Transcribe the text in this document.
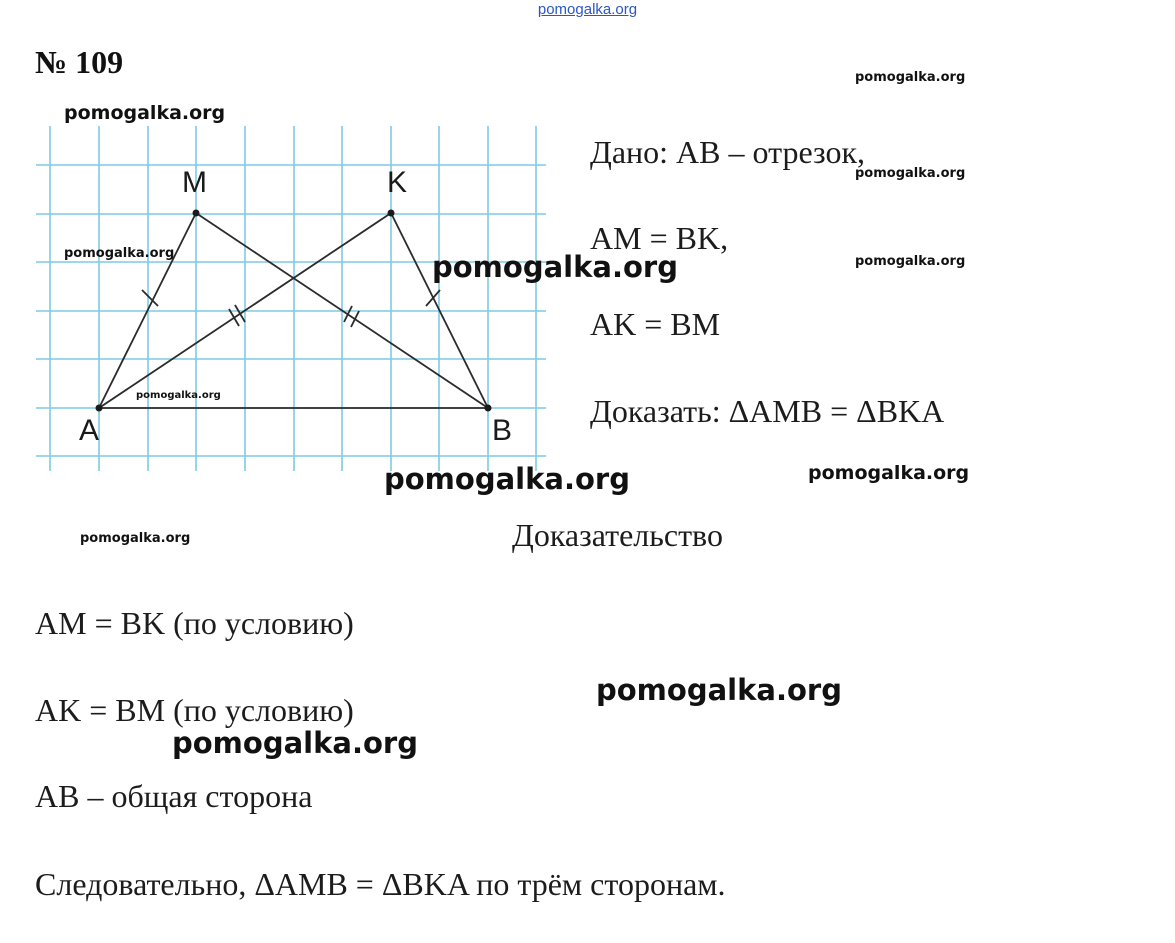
pomogalka.org
№ 109
M	K
A	B
Дано: AB – отрезок,
AM = BK,
AK = BM
Доказать: ΔAMB = ΔBKA
Доказательство
AM = BK (по условию)
AK = BM (по условию)
AB – общая сторона
Следовательно, ΔAMB = ΔBKA по трём сторонам.
pomogalka.org
pomogalka.org
pomogalka.org
pomogalka.org	pomogalka.org	pomogalka.org
pomogalka.org
pomogalka.org	pomogalka.org
pomogalka.org
pomogalka.org
pomogalka.org
